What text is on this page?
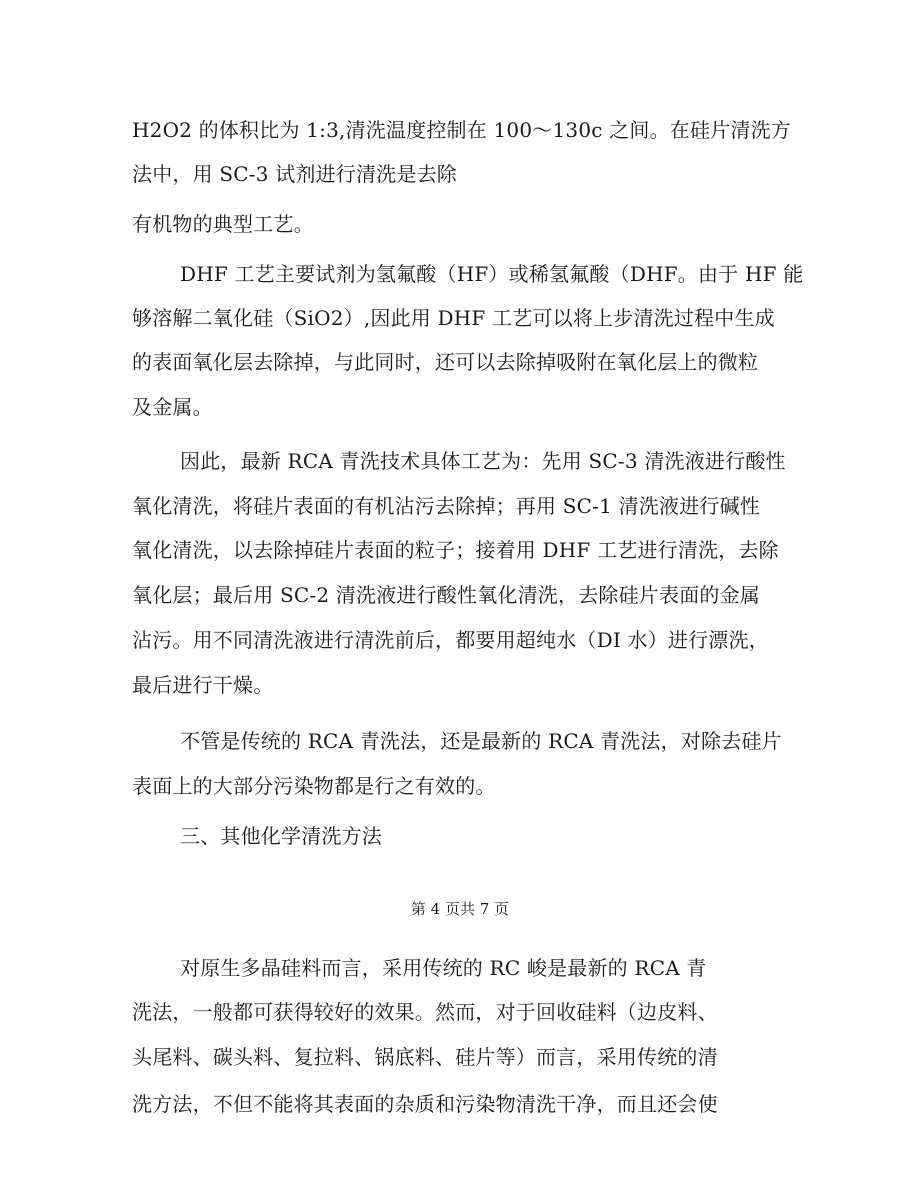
H2O2 的体积比为 1:3,清洗温度控制在 100～130c 之间。在硅片清洗方
法中，用 SC-3 试剂进行清洗是去除
有机物的典型工艺。
DHF 工艺主要试剂为氢氟酸（HF）或稀氢氟酸（DHF。由于 HF 能
够溶解二氧化硅（SiO2）,因此用 DHF 工艺可以将上步清洗过程中生成
的表面氧化层去除掉，与此同时，还可以去除掉吸附在氧化层上的微粒
及金属。
因此，最新 RCA 青洗技术具体工艺为：先用 SC-3 清洗液进行酸性
氧化清洗，将硅片表面的有机沾污去除掉；再用 SC-1 清洗液进行碱性
氧化清洗，以去除掉硅片表面的粒子；接着用 DHF 工艺进行清洗，去除
氧化层；最后用 SC-2 清洗液进行酸性氧化清洗，去除硅片表面的金属
沾污。用不同清洗液进行清洗前后，都要用超纯水（DI 水）进行漂洗，
最后进行干燥。
不管是传统的 RCA 青洗法，还是最新的 RCA 青洗法，对除去硅片
表面上的大部分污染物都是行之有效的。
三、其他化学清洗方法
第 4 页共 7 页
对原生多晶硅料而言，采用传统的 RC 峻是最新的 RCA 青
洗法，一般都可获得较好的效果。然而，对于回收硅料（边皮料、
头尾料、碳头料、复拉料、锅底料、硅片等）而言，采用传统的清
洗方法，不但不能将其表面的杂质和污染物清洗干净，而且还会使
